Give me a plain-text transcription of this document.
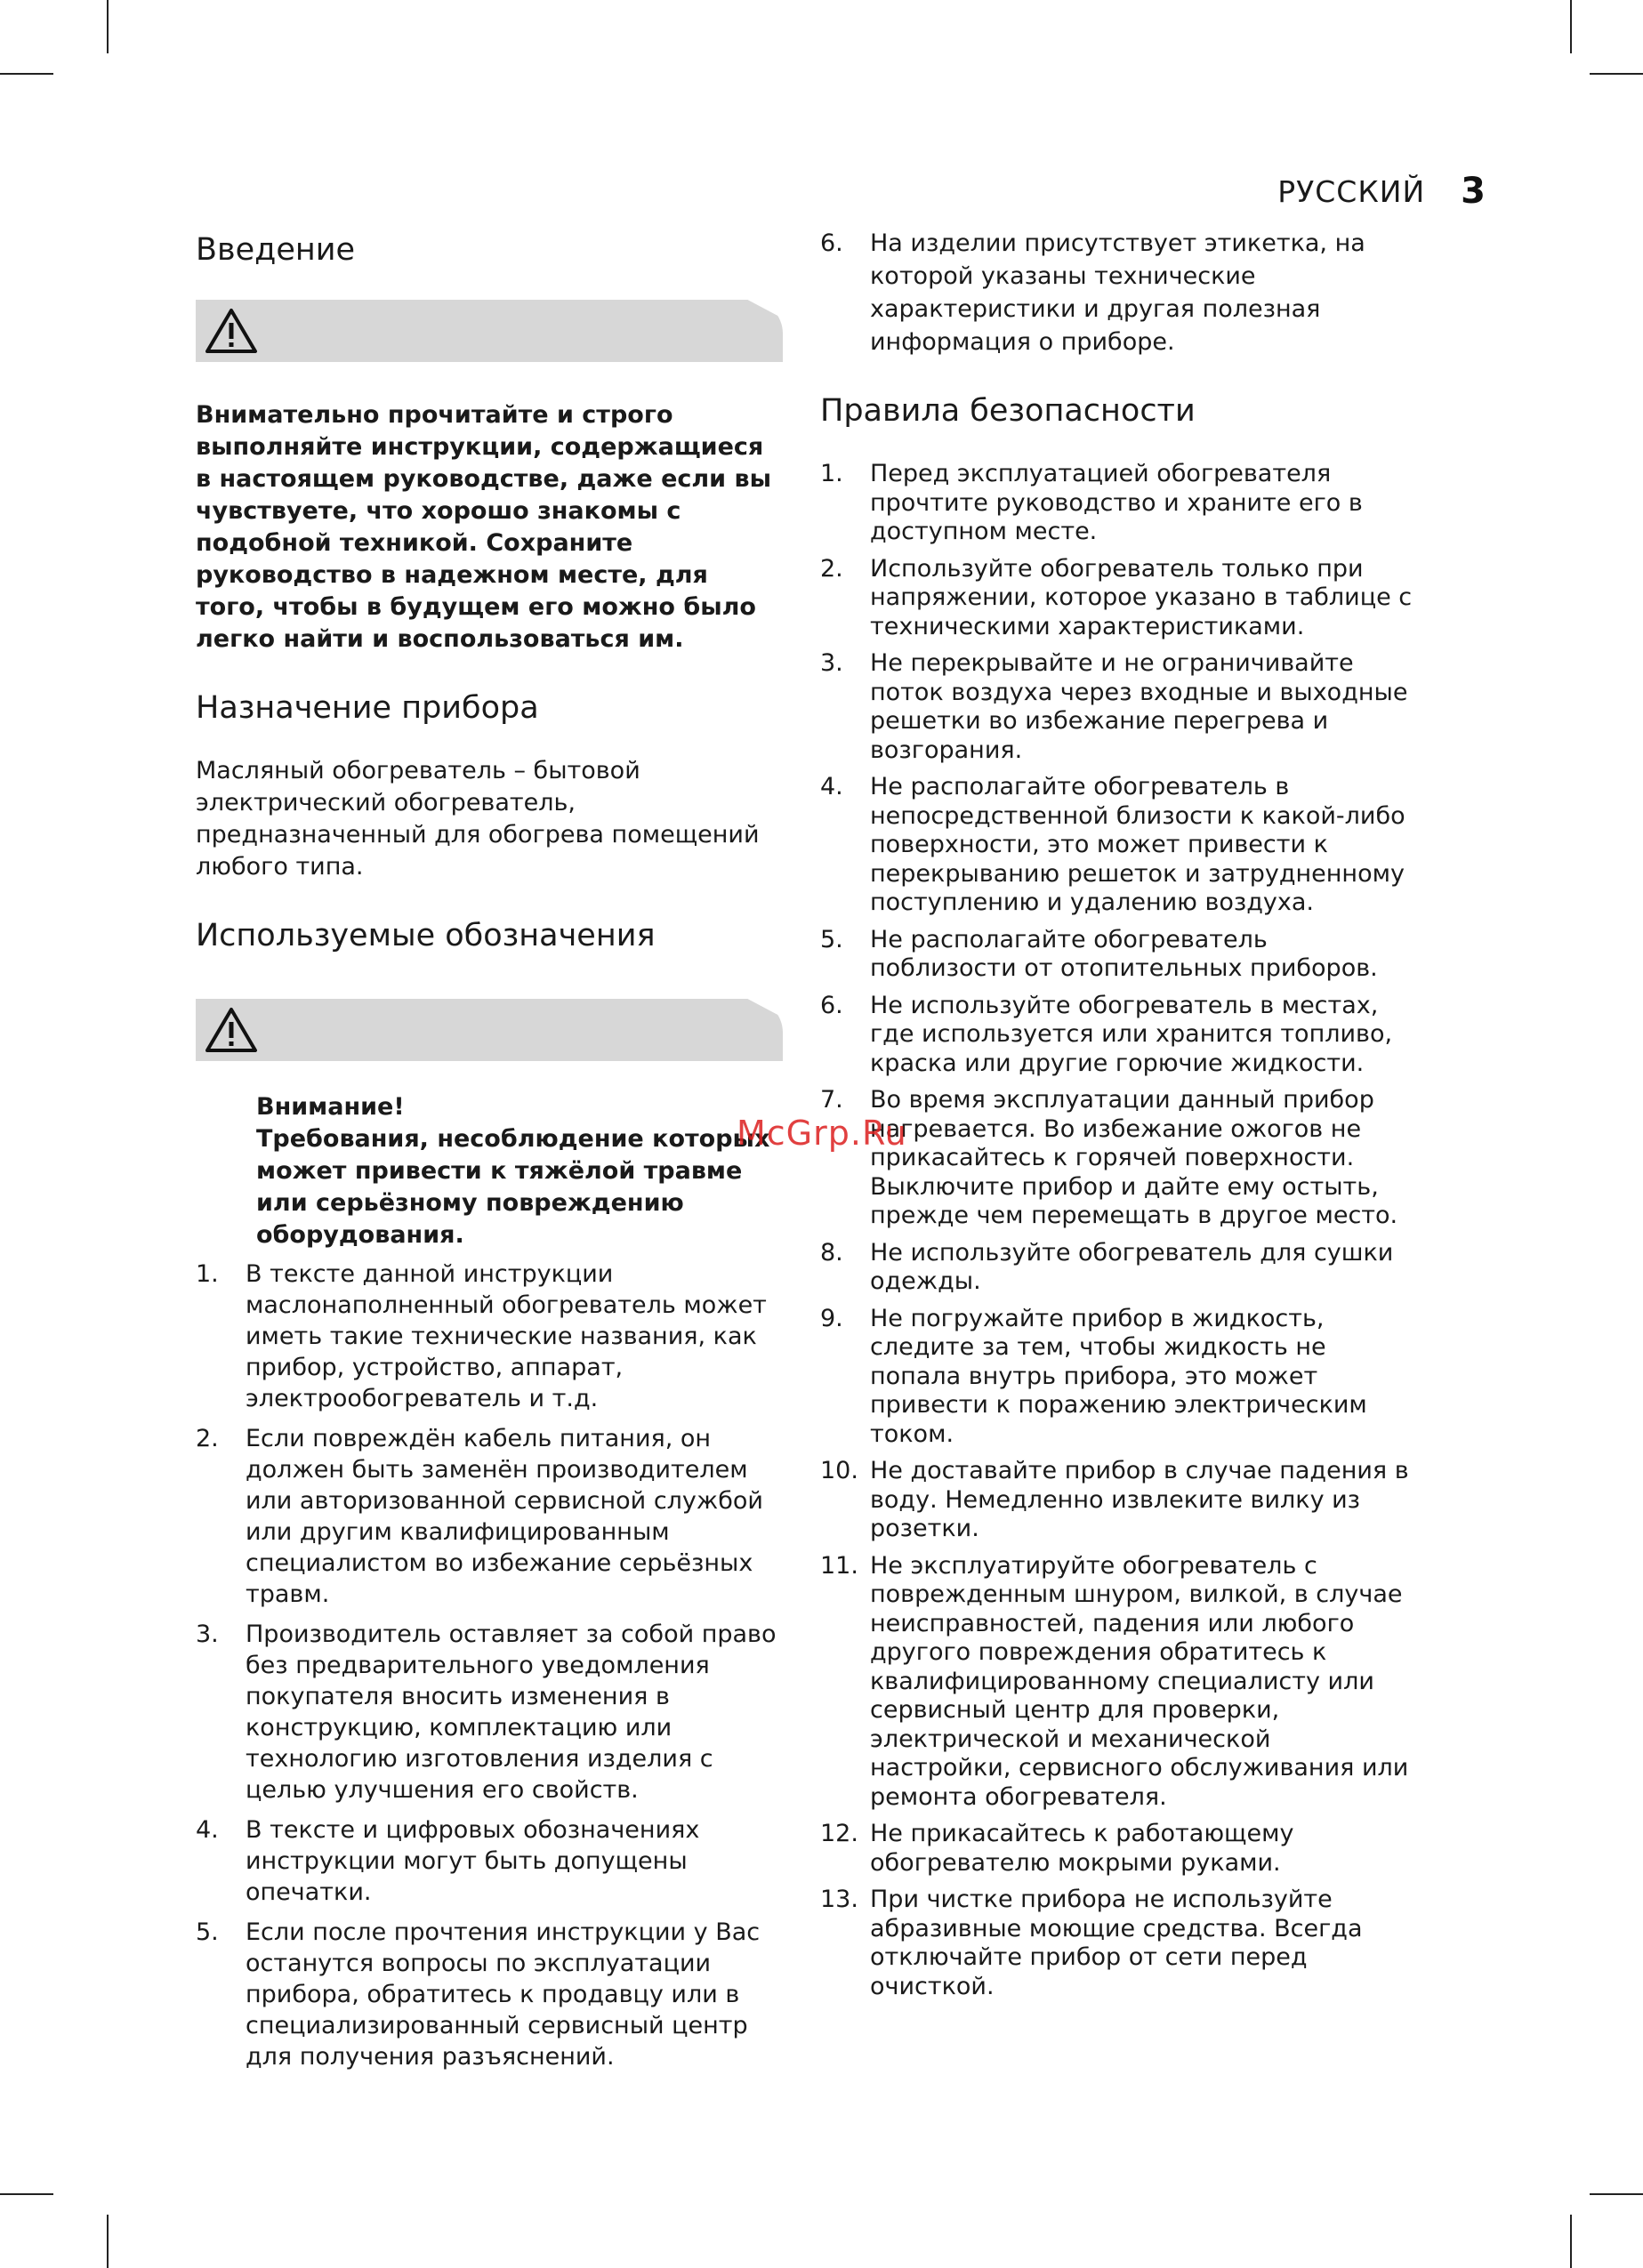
РУССКИЙ 3
Введение

Внимательно прочитайте и строго выполняйте инструкции, содержащиеся в настоящем руководстве, даже если вы чувствуете, что хорошо знакомы с подобной техникой. Сохраните руководство в надежном месте, для того, чтобы в будущем его можно было легко найти и воспользоваться им.

Назначение прибора

Масляный обогреватель – бытовой электрический обогреватель, предназначенный для обогрева помещений любого типа.

Используемые обозначения

Внимание!

Требования, несоблюдение которых может привести к тяжёлой травме или серьёзному повреждению оборудования.

1.	В тексте данной инструкции маслонаполненный обогреватель может иметь такие технические названия, как прибор, устройство, аппарат, электрообогреватель и т.д.
2.	Если повреждён кабель питания, он должен быть заменён производителем или авторизованной сервисной службой или другим квалифицированным специалистом во избежание серьёзных травм.
3.	Производитель оставляет за собой право без предварительного уведомления покупателя вносить изменения в конструкцию, комплектацию или технологию изготовления изделия с целью улучшения его свойств.
4.	В тексте и цифровых обозначениях инструкции могут быть допущены опечатки.
5.	Если после прочтения инструкции у Вас останутся вопросы по эксплуатации прибора, обратитесь к продавцу или в специализированный сервисный центр для получения разъяснений.
6.	На изделии присутствует этикетка, на которой указаны технические характеристики и другая полезная информация о приборе.
Правила безопасности
1.	Перед эксплуатацией обогревателя прочтите руководство и храните его в доступном месте.
2.	Используйте обогреватель только при напряжении, которое указано в таблице с техническими характеристиками.
3.	Не перекрывайте и не ограничивайте поток воздуха через входные и выходные решетки во избежание перегрева и возгорания.
4.	Не располагайте обогреватель в непосредственной близости к какой-либо поверхности, это может привести к перекрыванию решеток и затрудненному поступлению и удалению воздуха.
5.	Не располагайте обогреватель поблизости от отопительных приборов.
6.	Не используйте обогреватель в местах, где используется или хранится топливо, краска или другие горючие жидкости.
7.	Во время эксплуатации данный прибор нагревается. Во избежание ожогов не прикасайтесь к горячей поверхности. Выключите прибор и дайте ему остыть, прежде чем перемещать в другое место.
8.	Не используйте обогреватель для сушки одежды.
9.	Не погружайте прибор в жидкость, следите за тем, чтобы жидкость не попала внутрь прибора, это может привести к поражению электрическим током.
10. Не доставайте прибор в случае падения в воду. Немедленно извлеките вилку из розетки.
11. Не эксплуатируйте обогреватель с поврежденным шнуром, вилкой, в случае неисправностей, падения или любого другого повреждения обратитесь к квалифицированному специалисту или сервисный центр для проверки, электрической и механической настройки, сервисного обслуживания или ремонта обогревателя.
12. Не прикасайтесь к работающему обогревателю мокрыми руками.
13. При чистке прибора не используйте абразивные моющие средства. Всегда отключайте прибор от сети перед очисткой.
McGrp.Ru
